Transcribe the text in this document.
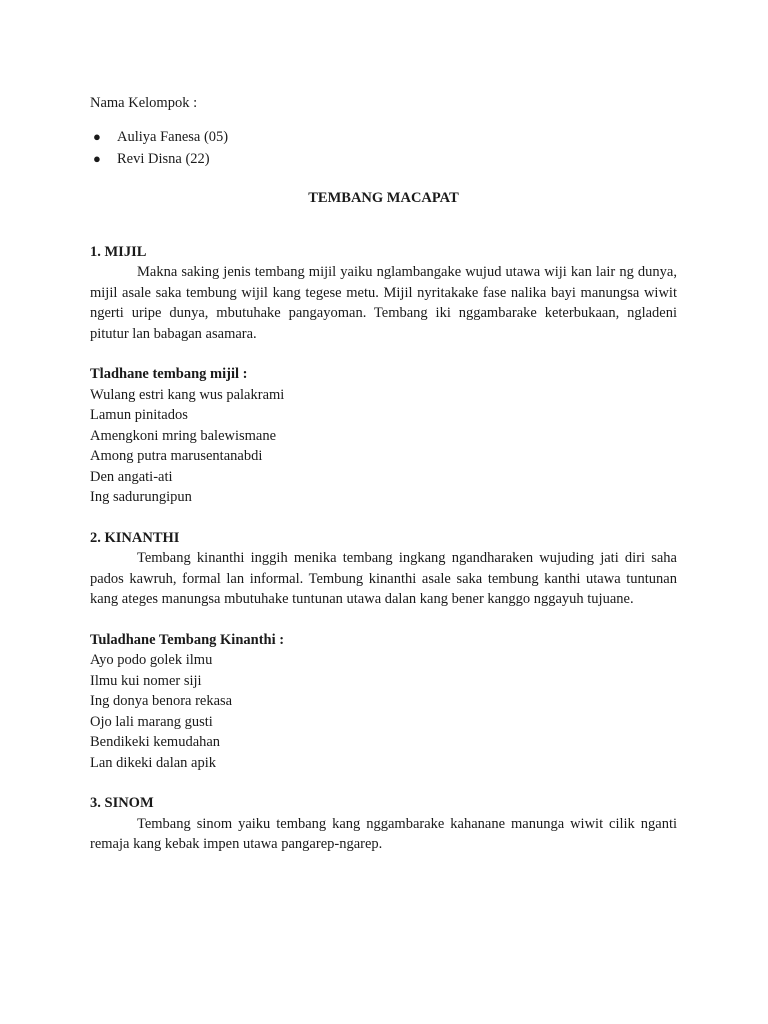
Nama Kelompok :
● Auliya Fanesa (05)
● Revi Disna (22)
TEMBANG MACAPAT
1. MIJIL
Makna saking jenis tembang mijil yaiku nglambangake wujud utawa wiji kan lair ng dunya, mijil asale saka tembung wijil kang tegese metu. Mijil nyritakake fase nalika bayi manungsa wiwit ngerti uripe dunya, mbutuhake pangayoman. Tembang iki nggambarake keterbukaan, ngladeni pitutur lan babagan asamara.
Tladhane tembang mijil :
Wulang estri kang wus palakrami
Lamun pinitados
Amengkoni mring balewismane
Among putra marusentanabdi
Den angati-ati
Ing sadurungipun
2. KINANTHI
Tembang kinanthi inggih menika tembang ingkang ngandharaken wujuding jati diri saha pados kawruh, formal lan informal. Tembung kinanthi asale saka tembung kanthi utawa tuntunan kang ateges manungsa mbutuhake tuntunan utawa dalan kang bener kanggo nggayuh tujuane.
Tuladhane Tembang Kinanthi :
Ayo podo golek ilmu
Ilmu kui nomer siji
Ing donya benora rekasa
Ojo lali marang gusti
Bendikeki kemudahan
Lan dikeki dalan apik
3. SINOM
Tembang sinom yaiku tembang kang nggambarake kahanane manunga wiwit cilik nganti remaja kang kebak impen utawa pangarep-ngarep.
